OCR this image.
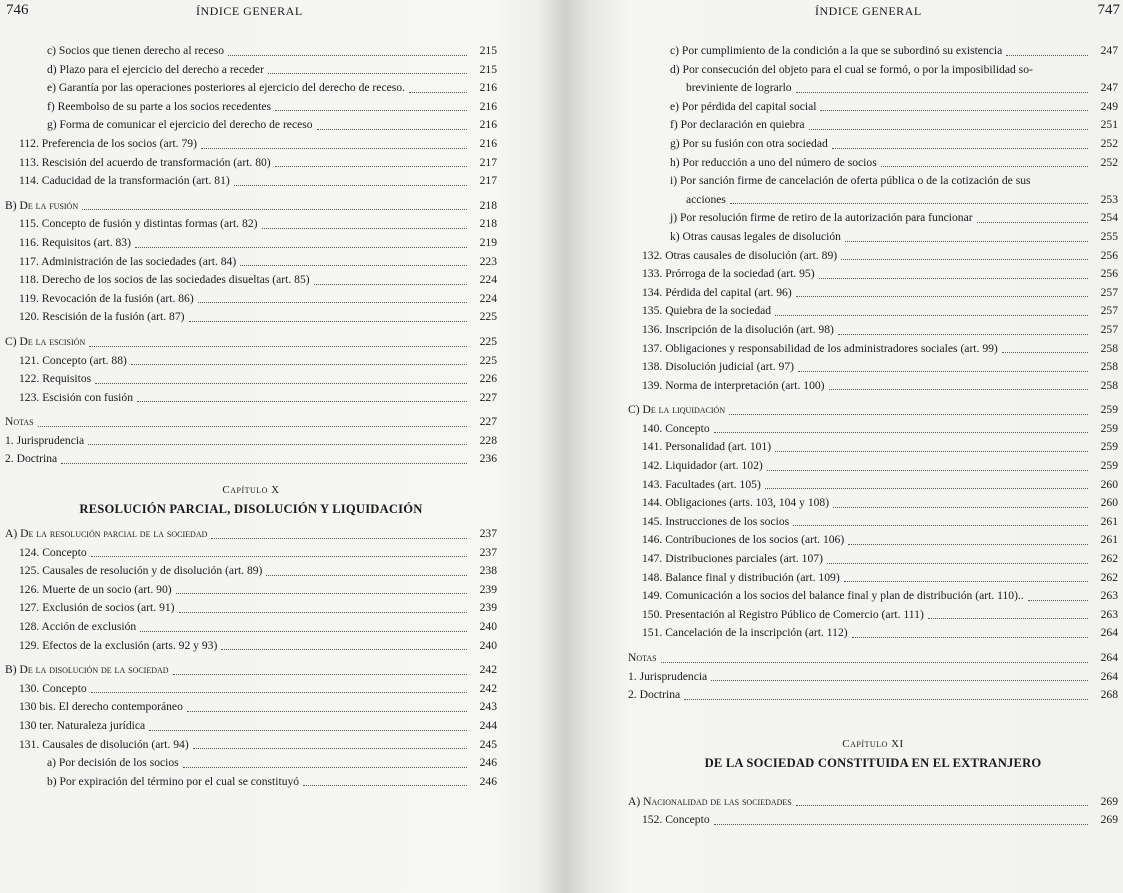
746	ÍNDICE GENERAL
c) Socios que tienen derecho al receso	215
d) Plazo para el ejercicio del derecho a receder	215
e) Garantía por las operaciones posteriores al ejercicio del derecho de receso.	216
f) Reembolso de su parte a los socios recedentes	216
g) Forma de comunicar el ejercicio del derecho de receso	216
112. Preferencia de los socios (art. 79)	216
113. Rescisión del acuerdo de transformación (art. 80)	217
114. Caducidad de la transformación (art. 81)	217
B) De la fusión	218
115. Concepto de fusión y distintas formas (art. 82)	218
116. Requisitos (art. 83)	219
117. Administración de las sociedades (art. 84)	223
118. Derecho de los socios de las sociedades disueltas (art. 85)	224
119. Revocación de la fusión (art. 86)	224
120. Rescisión de la fusión (art. 87)	225
C) De la escisión	225
121. Concepto (art. 88)	225
122. Requisitos	226
123. Escisión con fusión	227
Notas	227
1. Jurisprudencia	228
2. Doctrina	236
Capítulo X
RESOLUCIÓN PARCIAL, DISOLUCIÓN Y LIQUIDACIÓN
A) De la resolución parcial de la sociedad	237
124. Concepto	237
125. Causales de resolución y de disolución (art. 89)	238
126. Muerte de un socio (art. 90)	239
127. Exclusión de socios (art. 91)	239
128. Acción de exclusión	240
129. Efectos de la exclusión (arts. 92 y 93)	240
B) De la disolución de la sociedad	242
130. Concepto	242
130 bis. El derecho contemporáneo	243
130 ter. Naturaleza jurídica	244
131. Causales de disolución (art. 94)	245
a) Por decisión de los socios	246
b) Por expiración del término por el cual se constituyó	246
747
ÍNDICE GENERAL
c) Por cumplimiento de la condición a la que se subordinó su existencia	247
d) Por consecución del objeto para el cual se formó, o por la imposibilidad so-
breviniente de lograrlo	247
e) Por pérdida del capital social	249
f) Por declaración en quiebra	251
g) Por su fusión con otra sociedad	252
h) Por reducción a uno del número de socios	252
i) Por sanción firme de cancelación de oferta pública o de la cotización de sus
acciones	253
j) Por resolución firme de retiro de la autorización para funcionar	254
k) Otras causas legales de disolución	255
132. Otras causales de disolución (art. 89)	256
133. Prórroga de la sociedad (art. 95)	256
134. Pérdida del capital (art. 96)	257
135. Quiebra de la sociedad	257
136. Inscripción de la disolución (art. 98)	257
137. Obligaciones y responsabilidad de los administradores sociales (art. 99)	258
138. Disolución judicial (art. 97)	258
139. Norma de interpretación (art. 100)	258
C) De la liquidación	259
140. Concepto	259
141. Personalidad (art. 101)	259
142. Liquidador (art. 102)	259
143. Facultades (art. 105)	260
144. Obligaciones (arts. 103, 104 y 108)	260
145. Instrucciones de los socios	261
146. Contribuciones de los socios (art. 106)	261
147. Distribuciones parciales (art. 107)	262
148. Balance final y distribución (art. 109)	262
149. Comunicación a los socios del balance final y plan de distribución (art. 110)..	263
150. Presentación al Registro Público de Comercio (art. 111)	263
151. Cancelación de la inscripción (art. 112)	264
Notas	264
1. Jurisprudencia	264
2. Doctrina	268
Capítulo XI
DE LA SOCIEDAD CONSTITUIDA EN EL EXTRANJERO
A) Nacionalidad de las sociedades	269
152. Concepto	269
